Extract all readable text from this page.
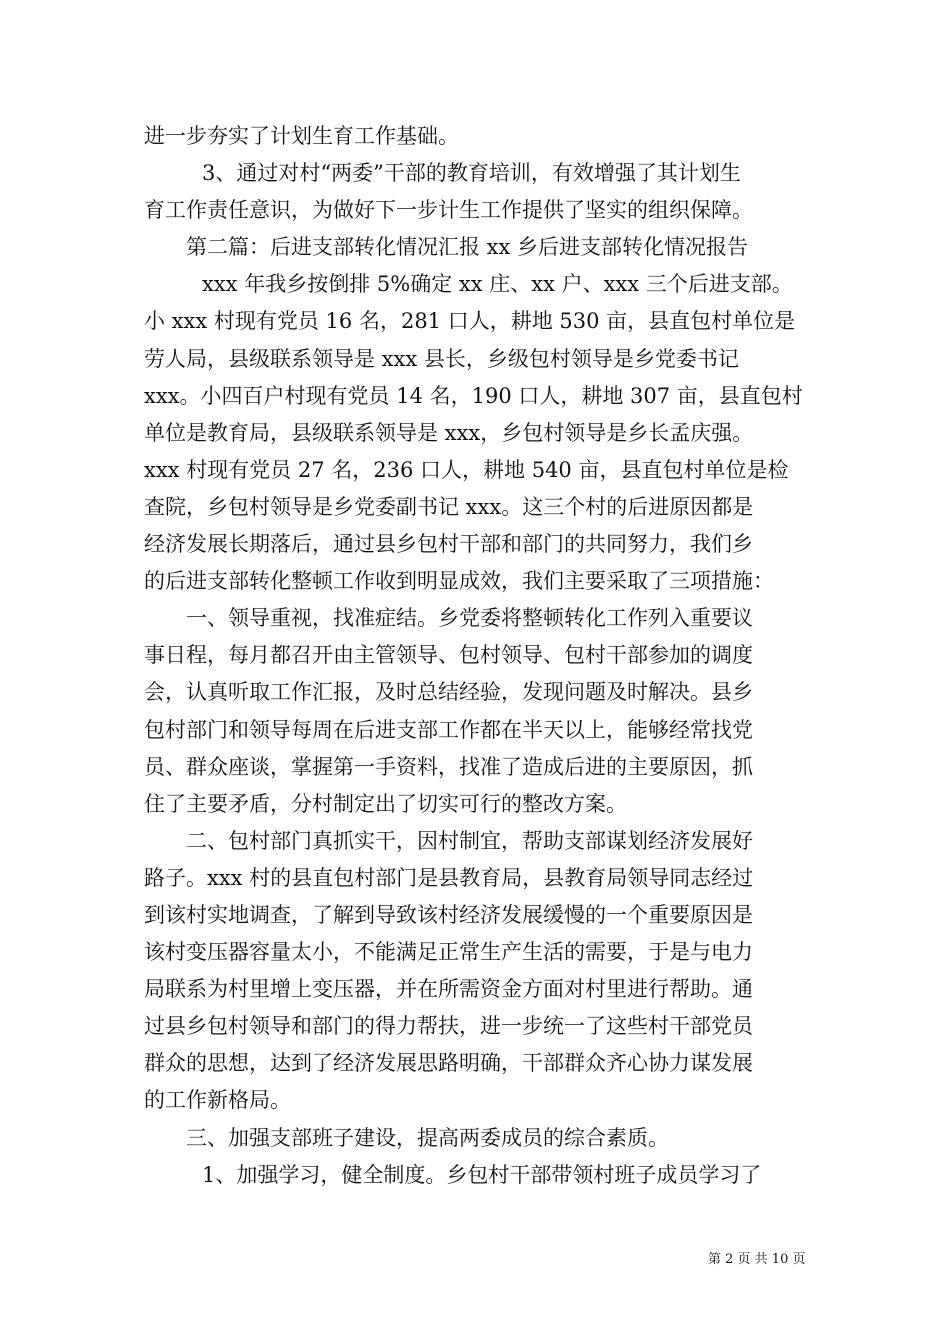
进一步夯实了计划生育工作基础。
3、通过对村“两委”干部的教育培训，有效增强了其计划生
育工作责任意识，为做好下一步计生工作提供了坚实的组织保障。
第二篇：后进支部转化情况汇报 xx 乡后进支部转化情况报告
xxx 年我乡按倒排 5%确定 xx 庄、xx 户、xxx 三个后进支部。
小 xxx 村现有党员 16 名，281 口人，耕地 530 亩，县直包村单位是
劳人局，县级联系领导是 xxx 县长，乡级包村领导是乡党委书记
xxx。小四百户村现有党员 14 名，190 口人，耕地 307 亩，县直包村
单位是教育局，县级联系领导是 xxx，乡包村领导是乡长孟庆强。
xxx 村现有党员 27 名，236 口人，耕地 540 亩，县直包村单位是检
查院，乡包村领导是乡党委副书记 xxx。这三个村的后进原因都是
经济发展长期落后，通过县乡包村干部和部门的共同努力，我们乡
的后进支部转化整顿工作收到明显成效，我们主要采取了三项措施：
一、领导重视，找准症结。乡党委将整顿转化工作列入重要议
事日程，每月都召开由主管领导、包村领导、包村干部参加的调度
会，认真听取工作汇报，及时总结经验，发现问题及时解决。县乡
包村部门和领导每周在后进支部工作都在半天以上，能够经常找党
员、群众座谈，掌握第一手资料，找准了造成后进的主要原因，抓
住了主要矛盾，分村制定出了切实可行的整改方案。
二、包村部门真抓实干，因村制宜，帮助支部谋划经济发展好
路子。xxx 村的县直包村部门是县教育局，县教育局领导同志经过
到该村实地调查，了解到导致该村经济发展缓慢的一个重要原因是
该村变压器容量太小，不能满足正常生产生活的需要，于是与电力
局联系为村里增上变压器，并在所需资金方面对村里进行帮助。通
过县乡包村领导和部门的得力帮扶，进一步统一了这些村干部党员
群众的思想，达到了经济发展思路明确，干部群众齐心协力谋发展
的工作新格局。
三、加强支部班子建设，提高两委成员的综合素质。
1、加强学习，健全制度。乡包村干部带领村班子成员学习了
第 2 页 共 10 页
